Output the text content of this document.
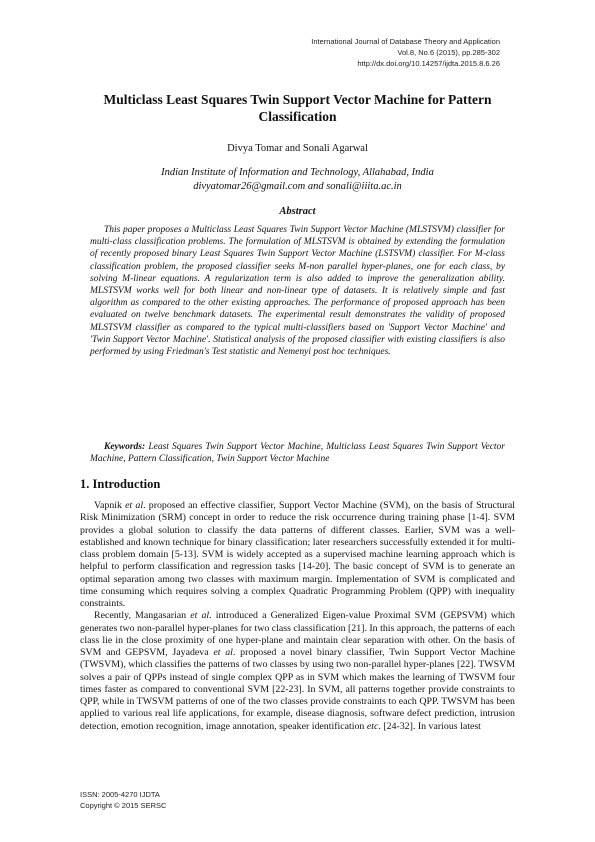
International Journal of Database Theory and Application
Vol.8, No.6 (2015), pp.285-302
http://dx.doi.org/10.14257/ijdta.2015.8.6.26
Multiclass Least Squares Twin Support Vector Machine for Pattern Classification
Divya Tomar and Sonali Agarwal
Indian Institute of Information and Technology, Allahabad, India
divyatomar26@gmail.com and sonali@iiita.ac.in
Abstract

This paper proposes a Multiclass Least Squares Twin Support Vector Machine (MLSTSVM) classifier for multi-class classification problems. The formulation of MLSTSVM is obtained by extending the formulation of recently proposed binary Least Squares Twin Support Vector Machine (LSTSVM) classifier. For M-class classification problem, the proposed classifier seeks M-non parallel hyper-planes, one for each class, by solving M-linear equations. A regularization term is also added to improve the generalization ability. MLSTSVM works well for both linear and non-linear type of datasets. It is relatively simple and fast algorithm as compared to the other existing approaches. The performance of proposed approach has been evaluated on twelve benchmark datasets. The experimental result demonstrates the validity of proposed MLSTSVM classifier as compared to the typical multi-classifiers based on 'Support Vector Machine' and 'Twin Support Vector Machine'. Statistical analysis of the proposed classifier with existing classifiers is also performed by using Friedman's Test statistic and Nemenyi post hoc techniques.

Keywords: Least Squares Twin Support Vector Machine, Multiclass Least Squares Twin Support Vector Machine, Pattern Classification, Twin Support Vector Machine

1. Introduction

Vapnik et al. proposed an effective classifier, Support Vector Machine (SVM), on the basis of Structural Risk Minimization (SRM) concept in order to reduce the risk occurrence during training phase [1-4]. SVM provides a global solution to classify the data patterns of different classes. Earlier, SVM was a well-established and known technique for binary classification; later researchers successfully extended it for multi-class problem domain [5-13]. SVM is widely accepted as a supervised machine learning approach which is helpful to perform classification and regression tasks [14-20]. The basic concept of SVM is to generate an optimal separation among two classes with maximum margin. Implementation of SVM is complicated and time consuming which requires solving a complex Quadratic Programming Problem (QPP) with inequality constraints.

Recently, Mangasarian et al. introduced a Generalized Eigen-value Proximal SVM (GEPSVM) which generates two non-parallel hyper-planes for two class classification [21]. In this approach, the patterns of each class lie in the close proximity of one hyper-plane and maintain clear separation with other. On the basis of SVM and GEPSVM, Jayadeva et al. proposed a novel binary classifier, Twin Support Vector Machine (TWSVM), which classifies the patterns of two classes by using two non-parallel hyper-planes [22]. TWSVM solves a pair of QPPs instead of single complex QPP as in SVM which makes the learning of TWSVM four times faster as compared to conventional SVM [22-23]. In SVM, all patterns together provide constraints to QPP, while in TWSVM patterns of one of the two classes provide constraints to each QPP. TWSVM has been applied to various real life applications, for example, disease diagnosis, software defect prediction, intrusion detection, emotion recognition, image annotation, speaker identification etc. [24-32]. In various latest

ISSN: 2005-4270 IJDTA
Copyright © 2015 SERSC
